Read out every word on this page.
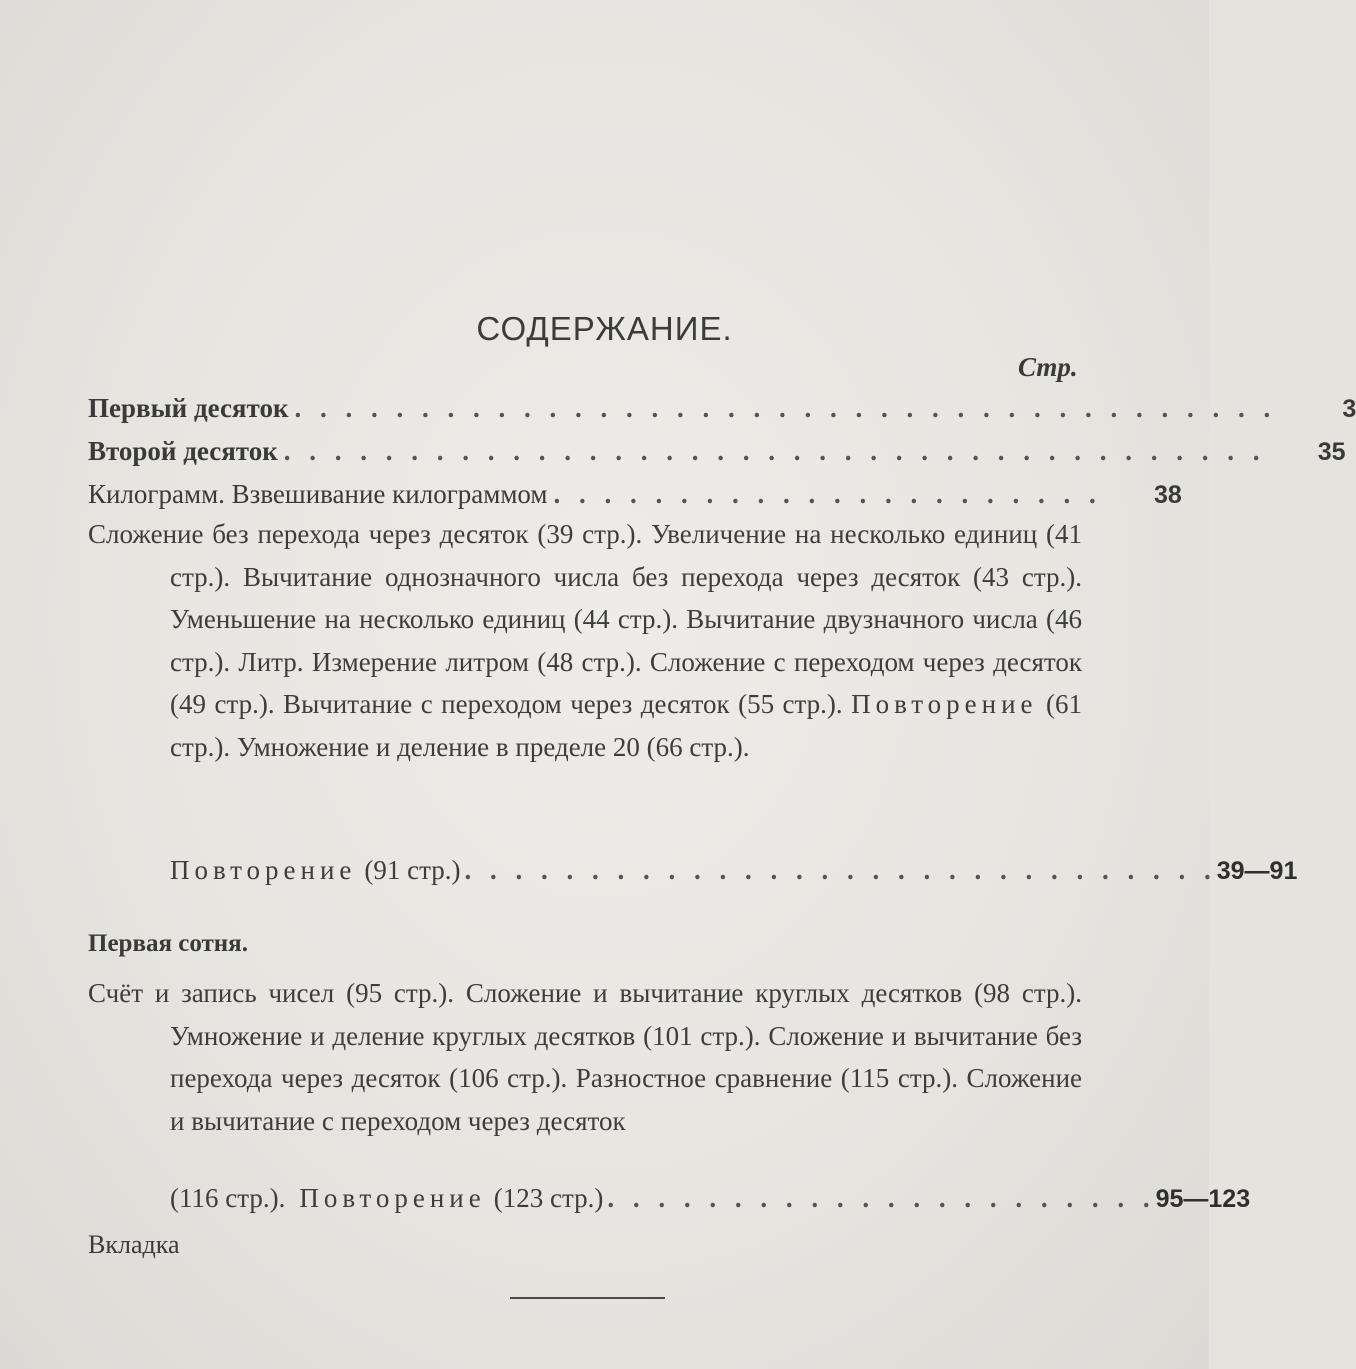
СОДЕРЖАНИЕ.
Стр.
Первый десяток . . . . . . . . . . . . . . . . . . . . . . . . . . . . . . . . . . . . . . .	3
Второй десяток . . . . . . . . . . . . . . . . . . . . . . . . . . . . . . . . . . . . . . .	35
Килограмм. Взвешивание килограммом . . . . . . . . . . . . . . . . . . . . . .	38
Сложение без перехода через десяток (39 стр.). Увеличение на несколько единиц (41 стр.). Вычитание однозначного числа без перехода через десяток (43 стр.). Уменьшение на несколько единиц (44 стр.). Вычитание двузначного числа (46 стр.). Литр. Измерение литром (48 стр.). Сложение с переходом через десяток (49 стр.). Вычитание с переходом через десяток (55 стр.). Повторение (61 стр.). Умножение и деление в пределе 20 (66 стр.).
Повторение (91 стр.) . . . . . . . . . . . . . . . . . . . . . . . . . . . . . . 39—91
Первая сотня.
Счёт и запись чисел (95 стр.). Сложение и вычитание круглых десятков (98 стр.). Умножение и деление круглых десятков (101 стр.). Сложение и вычитание без перехода через десяток (106 стр.). Разностное сравнение (115 стр.). Сложение и вычитание с переходом через десяток
(116 стр.). Повторение (123 стр.) . . . . . . . . . . . . . . . . . . . . . . 95—123
Вкладка
